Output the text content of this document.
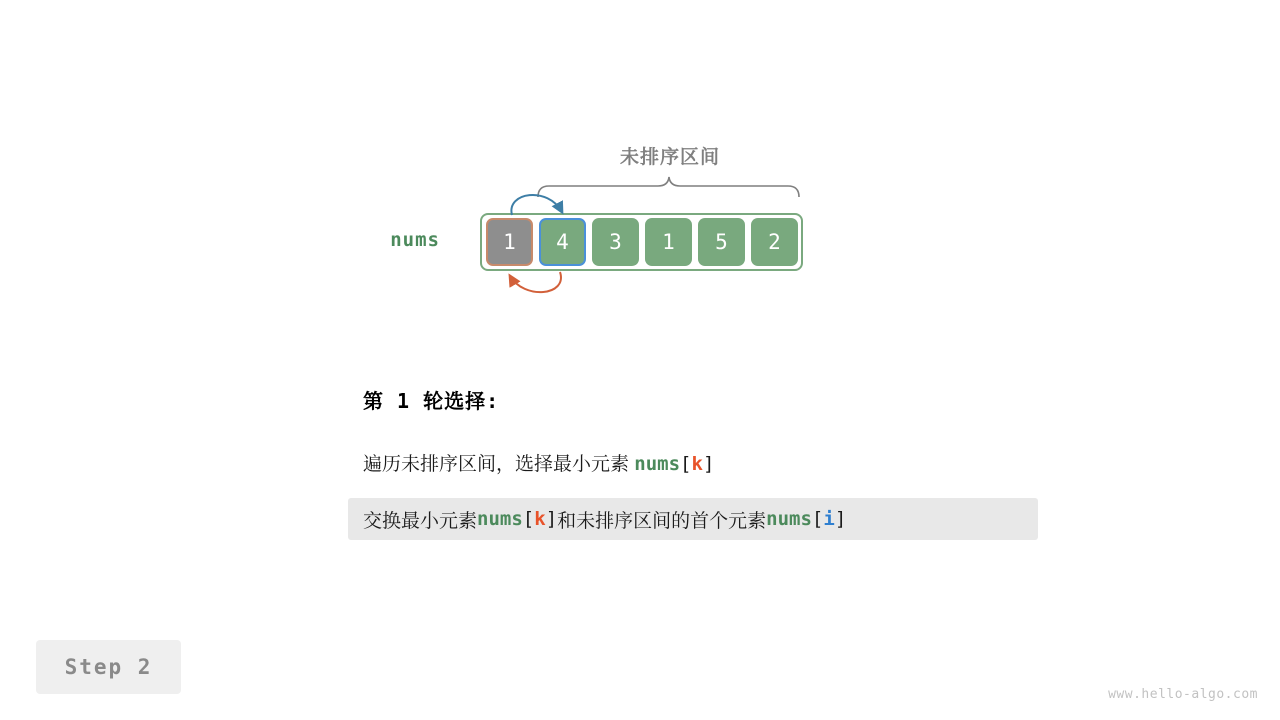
未排序区间
nums	1	4	3	1	5	2
第 1 轮选择:
遍历未排序区间，选择最小元素 nums[k]
交换最小元素 nums [ k ] 和未排序区间的首个元素 nums [ i ]
Step 2
www.hello-algo.com
